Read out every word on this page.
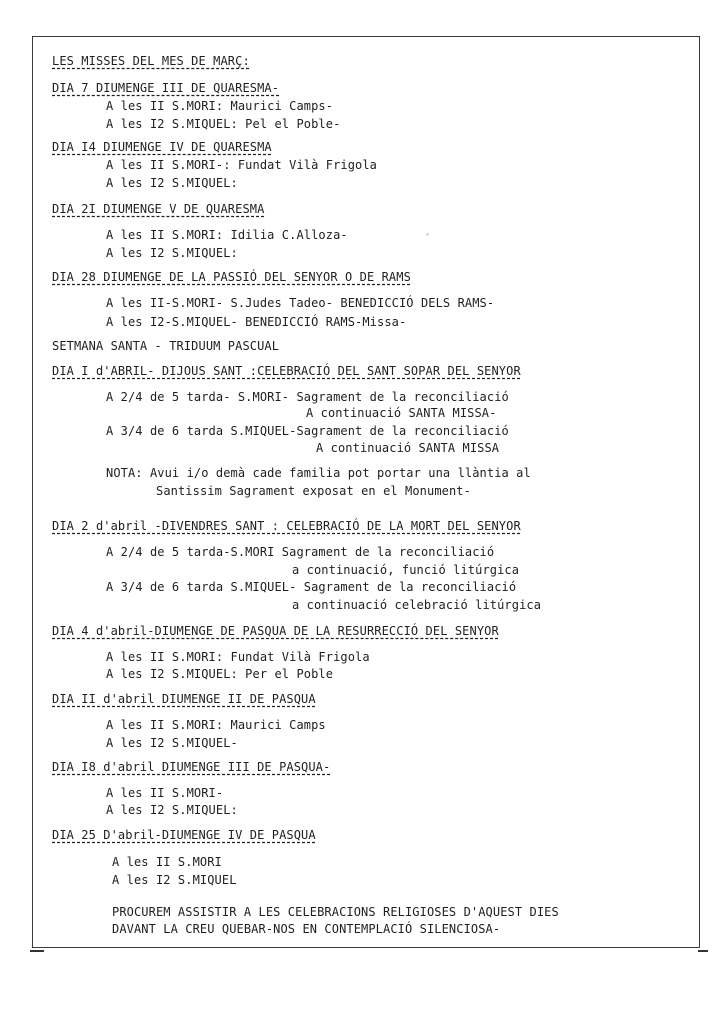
LES MISSES DEL MES DE MARÇ:
DIA 7 DIUMENGE III DE QUARESMA-
A les II S.MORI: Maurici Camps-
A les I2 S.MIQUEL: Pel el Poble-
DIA I4 DIUMENGE IV DE QUARESMA
A les II S.MORI-: Fundat Vilà Frigola
A les I2 S.MIQUEL:
DIA 2I DIUMENGE V DE QUARESMA
A les II S.MORI: Idilia C.Alloza-
A les I2 S.MIQUEL:
DIA 28 DIUMENGE DE LA PASSIÓ DEL SENYOR O DE RAMS
A les II-S.MORI- S.Judes Tadeo- BENEDICCIÓ DELS RAMS-
A les I2-S.MIQUEL- BENEDICCIÓ RAMS-Missa-
SETMANA SANTA - TRIDUUM PASCUAL
DIA I d'ABRIL- DIJOUS SANT :CELEBRACIÓ DEL SANT SOPAR DEL SENYOR
A 2/4 de 5 tarda- S.MORI- Sagrament de la reconciliació
A continuació SANTA MISSA-
A 3/4 de 6 tarda S.MIQUEL-Sagrament de la reconciliació
A continuació SANTA MISSA
NOTA: Avui i/o demà cade familia pot portar una llàntia al
Santissim Sagrament exposat en el Monument-
DIA 2 d'abril -DIVENDRES SANT : CELEBRACIÓ DE LA MORT DEL SENYOR
A 2/4 de 5 tarda-S.MORI Sagrament de la reconciliació
a continuació, funció litúrgica
A 3/4 de 6 tarda S.MIQUEL- Sagrament de la reconciliació
a continuació celebració litúrgica
DIA 4 d'abril-DIUMENGE DE PASQUA DE LA RESURRECCIÓ DEL SENYOR
A les II S.MORI: Fundat Vilà Frigola
A les I2 S.MIQUEL: Per el Poble
DIA II d'abril DIUMENGE II DE PASQUA
A les II S.MORI: Maurici Camps
A les I2 S.MIQUEL-
DIA I8 d'abril DIUMENGE III DE PASQUA-
A les II S.MORI-
A les I2 S.MIQUEL:
DIA 25 D'abril-DIUMENGE IV DE PASQUA
A les II S.MORI
A les I2 S.MIQUEL
PROCUREM ASSISTIR A LES CELEBRACIONS RELIGIOSES D'AQUEST DIES
DAVANT LA CREU QUEBAR-NOS EN CONTEMPLACIÓ SILENCIOSA-
